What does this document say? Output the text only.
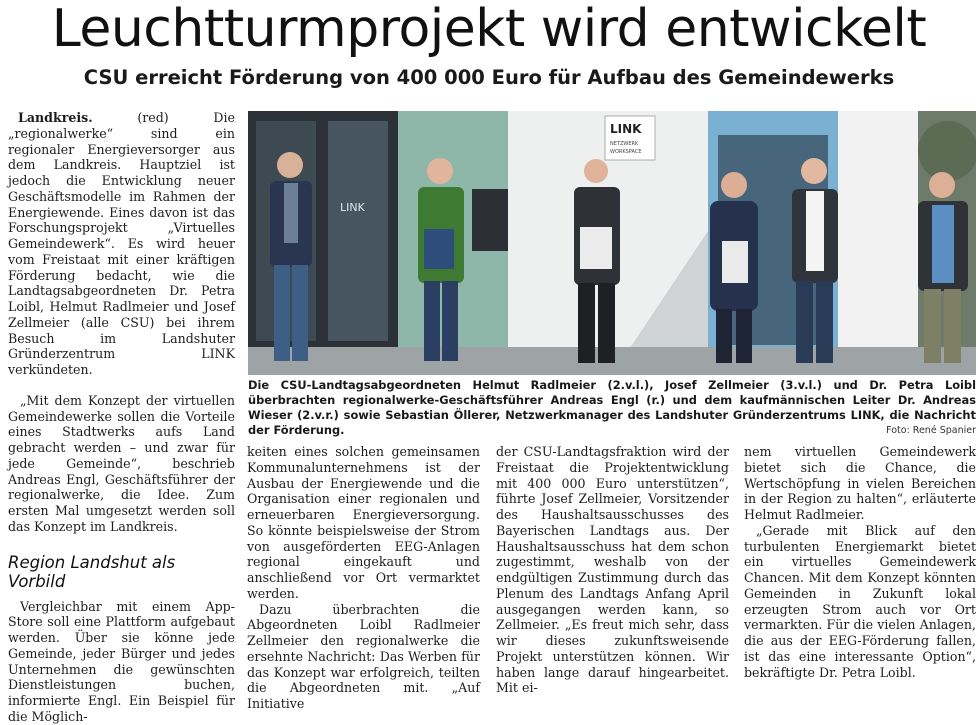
Leuchtturmprojekt wird entwickelt
CSU erreicht Förderung von 400 000 Euro für Aufbau des Gemeindewerks

Landkreis. (red) Die „regionalwerke“ sind ein regionaler Energieversorger aus dem Landkreis. Hauptziel ist jedoch die Entwicklung neuer Geschäftsmodelle im Rahmen der Energiewende. Eines davon ist das Forschungsprojekt „Virtuelles Gemeindewerk“. Es wird heuer vom Freistaat mit einer kräftigen Förderung bedacht, wie die Landtagsabgeordneten Dr. Petra Loibl, Helmut Radlmeier und Josef Zellmeier (alle CSU) bei ihrem Besuch im Landshuter Gründerzentrum LINK verkündeten.

„Mit dem Konzept der virtuellen Gemeindewerke sollen die Vorteile eines Stadtwerks aufs Land gebracht werden – und zwar für jede Gemeinde“, beschrieb Andreas Engl, Geschäftsführer der regionalwerke, die Idee. Zum ersten Mal umgesetzt werden soll das Konzept im Landkreis.

Region Landshut als Vorbild

Vergleichbar mit einem App-Store soll eine Plattform aufgebaut werden. Über sie könne jede Gemeinde, jeder Bürger und jedes Unternehmen die gewünschten Dienstleistungen buchen, informierte Engl. Ein Beispiel für die Möglich-

LINK
LINK
NETZWERK
WORKSPACE
Die CSU-Landtagsabgeordneten Helmut Radlmeier (2.v.l.), Josef Zellmeier (3.v.l.) und Dr. Petra Loibl überbrachten regionalwerke-Geschäftsführer Andreas Engl (r.) und dem kaufmännischen Leiter Dr. Andreas Wieser (2.v.r.) sowie Sebastian Öllerer, Netzwerkmanager des Landshuter Gründerzentrums LINK, die Nachricht der Förderung.	Foto: René Spanier

keiten eines solchen gemeinsamen Kommunalunternehmens ist der Ausbau der Energiewende und die Organisation einer regionalen und erneuerbaren Energieversorgung. So könnte beispielsweise der Strom von ausgeförderten EEG-Anlagen regional eingekauft und anschließend vor Ort vermarktet werden.

Dazu überbrachten die Abgeordneten Loibl Radlmeier Zellmeier den regionalwerke die ersehnte Nachricht: Das Werben für das Konzept war erfolgreich, teilten die Abgeordneten mit. „Auf Initiative

der CSU-Landtagsfraktion wird der Freistaat die Projektentwicklung mit 400 000 Euro unterstützen“, führte Josef Zellmeier, Vorsitzender des Haushaltsausschusses des Bayerischen Landtags aus. Der Haushaltsausschuss hat dem schon zugestimmt, weshalb von der endgültigen Zustimmung durch das Plenum des Landtags Anfang April ausgegangen werden kann, so Zellmeier. „Es freut mich sehr, dass wir dieses zukunftsweisende Projekt unterstützen können. Wir haben lange darauf hingearbeitet. Mit ei-

nem virtuellen Gemeindewerk bietet sich die Chance, die Wertschöpfung in vielen Bereichen in der Region zu halten“, erläuterte Helmut Radlmeier.

„Gerade mit Blick auf den turbulenten Energiemarkt bietet ein virtuelles Gemeindewerk Chancen. Mit dem Konzept könnten Gemeinden in Zukunft lokal erzeugten Strom auch vor Ort vermarkten. Für die vielen Anlagen, die aus der EEG-Förderung fallen, ist das eine interessante Option“, bekräftigte Dr. Petra Loibl.
